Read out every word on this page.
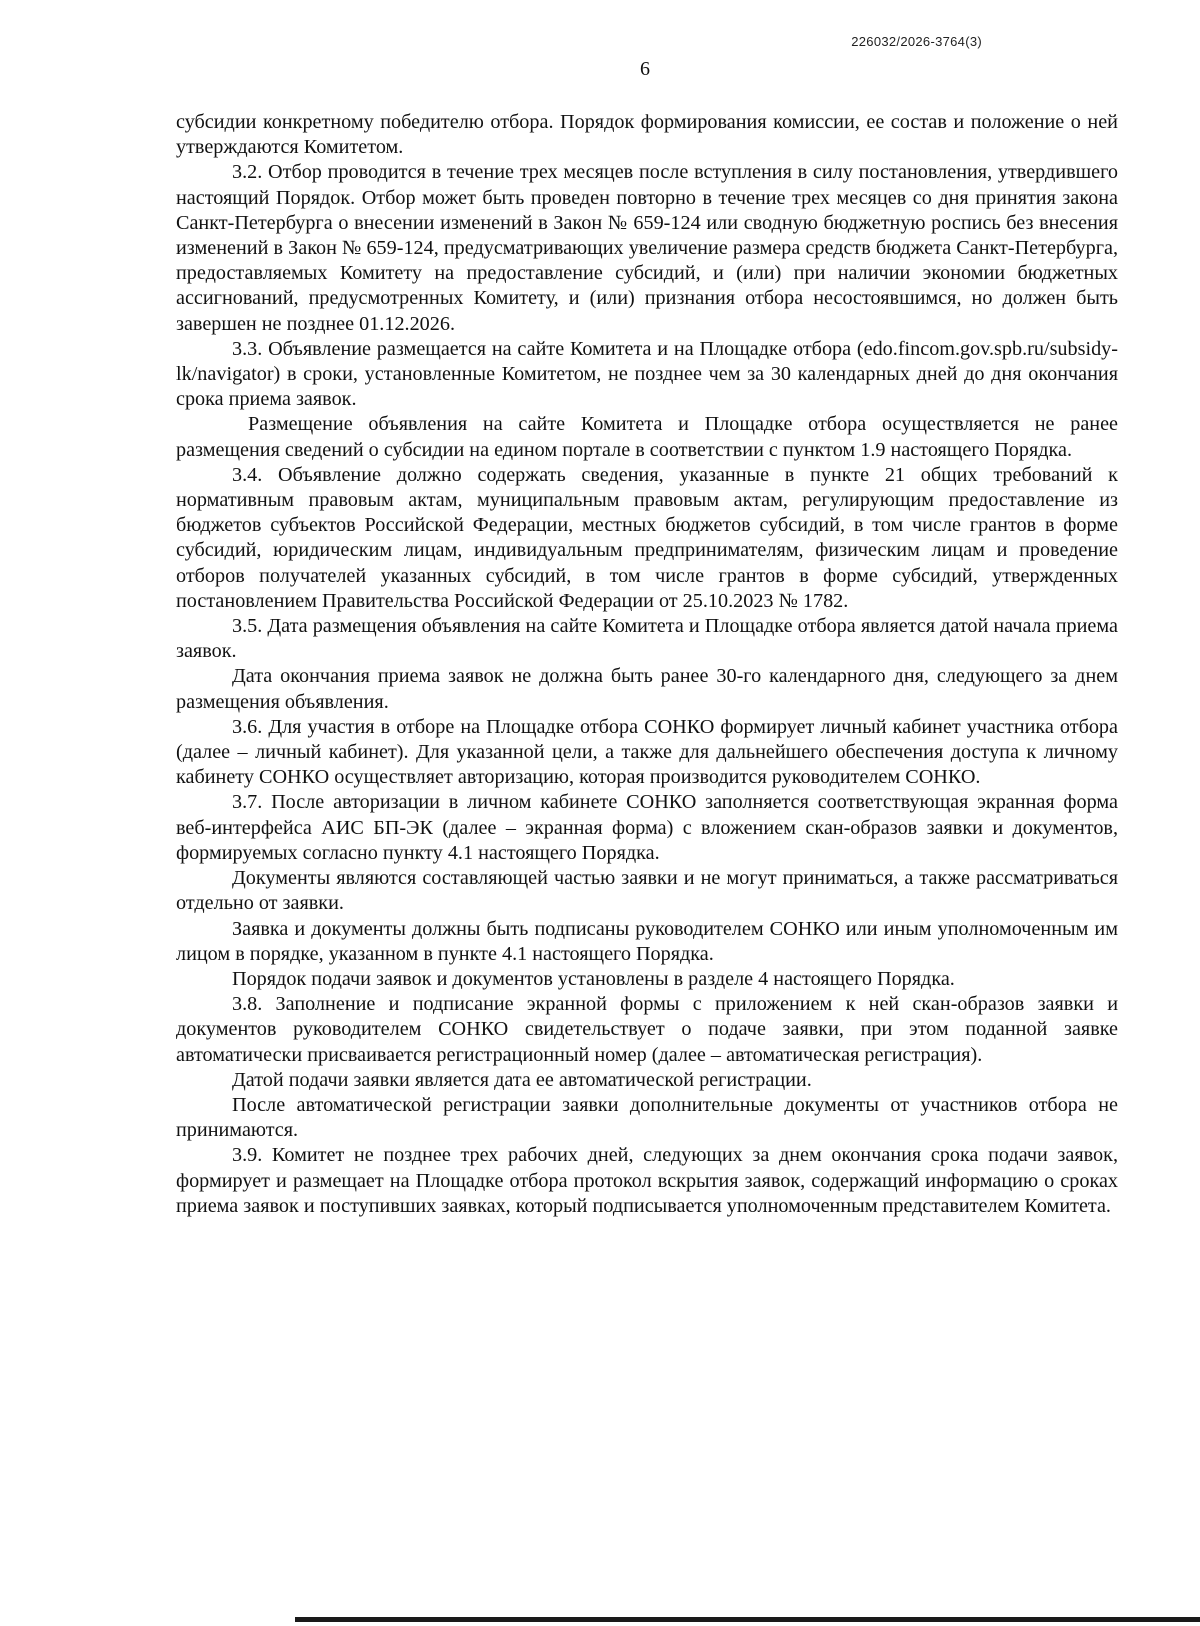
226032/2026-3764(3)
6

субсидии конкретному победителю отбора. Порядок формирования комиссии, ее состав и положение о ней утверждаются Комитетом.

3.2. Отбор проводится в течение трех месяцев после вступления в силу постановления, утвердившего настоящий Порядок. Отбор может быть проведен повторно в течение трех месяцев со дня принятия закона Санкт-Петербурга о внесении изменений в Закон № 659-124 или сводную бюджетную роспись без внесения изменений в Закон № 659-124, предусматривающих увеличение размера средств бюджета Санкт-Петербурга, предоставляемых Комитету на предоставление субсидий, и (или) при наличии экономии бюджетных ассигнований, предусмотренных Комитету, и (или) признания отбора несостоявшимся, но должен быть завершен не позднее 01.12.2026.

3.3. Объявление размещается на сайте Комитета и на Площадке отбора (edo.fincom.gov.spb.ru/subsidy-lk/navigator) в сроки, установленные Комитетом, не позднее чем за 30 календарных дней до дня окончания срока приема заявок.

Размещение объявления на сайте Комитета и Площадке отбора осуществляется не ранее размещения сведений о субсидии на едином портале в соответствии с пунктом 1.9 настоящего Порядка.

3.4. Объявление должно содержать сведения, указанные в пункте 21 общих требований к нормативным правовым актам, муниципальным правовым актам, регулирующим предоставление из бюджетов субъектов Российской Федерации, местных бюджетов субсидий, в том числе грантов в форме субсидий, юридическим лицам, индивидуальным предпринимателям, физическим лицам и проведение отборов получателей указанных субсидий, в том числе грантов в форме субсидий, утвержденных постановлением Правительства Российской Федерации от 25.10.2023 № 1782.

3.5. Дата размещения объявления на сайте Комитета и Площадке отбора является датой начала приема заявок.

Дата окончания приема заявок не должна быть ранее 30-го календарного дня, следующего за днем размещения объявления.

3.6. Для участия в отборе на Площадке отбора СОНКО формирует личный кабинет участника отбора (далее – личный кабинет). Для указанной цели, а также для дальнейшего обеспечения доступа к личному кабинету СОНКО осуществляет авторизацию, которая производится руководителем СОНКО.

3.7. После авторизации в личном кабинете СОНКО заполняется соответствующая экранная форма веб-интерфейса АИС БП-ЭК (далее – экранная форма) с вложением скан-образов заявки и документов, формируемых согласно пункту 4.1 настоящего Порядка.

Документы являются составляющей частью заявки и не могут приниматься, а также рассматриваться отдельно от заявки.

Заявка и документы должны быть подписаны руководителем СОНКО или иным уполномоченным им лицом в порядке, указанном в пункте 4.1 настоящего Порядка.

Порядок подачи заявок и документов установлены в разделе 4 настоящего Порядка.

3.8. Заполнение и подписание экранной формы с приложением к ней скан-образов заявки и документов руководителем СОНКО свидетельствует о подаче заявки, при этом поданной заявке автоматически присваивается регистрационный номер (далее – автоматическая регистрация).

Датой подачи заявки является дата ее автоматической регистрации.

После автоматической регистрации заявки дополнительные документы от участников отбора не принимаются.

3.9. Комитет не позднее трех рабочих дней, следующих за днем окончания срока подачи заявок, формирует и размещает на Площадке отбора протокол вскрытия заявок, содержащий информацию о сроках приема заявок и поступивших заявках, который подписывается уполномоченным представителем Комитета.
